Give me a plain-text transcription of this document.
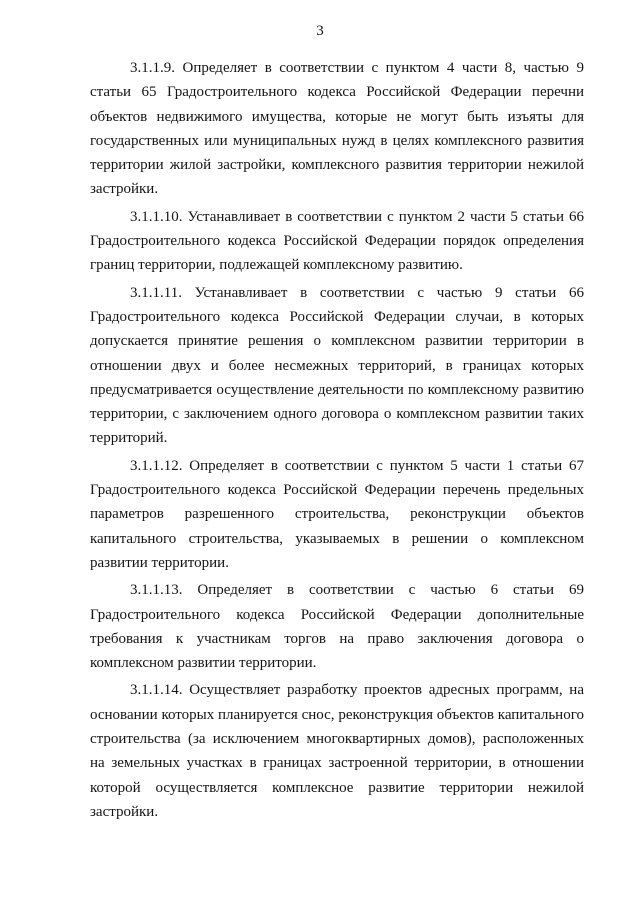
3

3.1.1.9. Определяет в соответствии с пунктом 4 части 8, частью 9 статьи 65 Градостроительного кодекса Российской Федерации перечни объектов недвижимого имущества, которые не могут быть изъяты для государственных или муниципальных нужд в целях комплексного развития территории жилой застройки, комплексного развития территории нежилой застройки.

3.1.1.10. Устанавливает в соответствии с пунктом 2 части 5 статьи 66 Градостроительного кодекса Российской Федерации порядок определения границ территории, подлежащей комплексному развитию.

3.1.1.11. Устанавливает в соответствии с частью 9 статьи 66 Градостроительного кодекса Российской Федерации случаи, в которых допускается принятие решения о комплексном развитии территории в отношении двух и более несмежных территорий, в границах которых предусматривается осуществление деятельности по комплексному развитию территории, с заключением одного договора о комплексном развитии таких территорий.

3.1.1.12. Определяет в соответствии с пунктом 5 части 1 статьи 67 Градостроительного кодекса Российской Федерации перечень предельных параметров разрешенного строительства, реконструкции объектов капитального строительства, указываемых в решении о комплексном развитии территории.

3.1.1.13. Определяет в соответствии с частью 6 статьи 69 Градостроительного кодекса Российской Федерации дополнительные требования к участникам торгов на право заключения договора о комплексном развитии территории.

3.1.1.14. Осуществляет разработку проектов адресных программ, на основании которых планируется снос, реконструкция объектов капитального строительства (за исключением многоквартирных домов), расположенных на земельных участках в границах застроенной территории, в отношении которой осуществляется комплексное развитие территории нежилой застройки.
